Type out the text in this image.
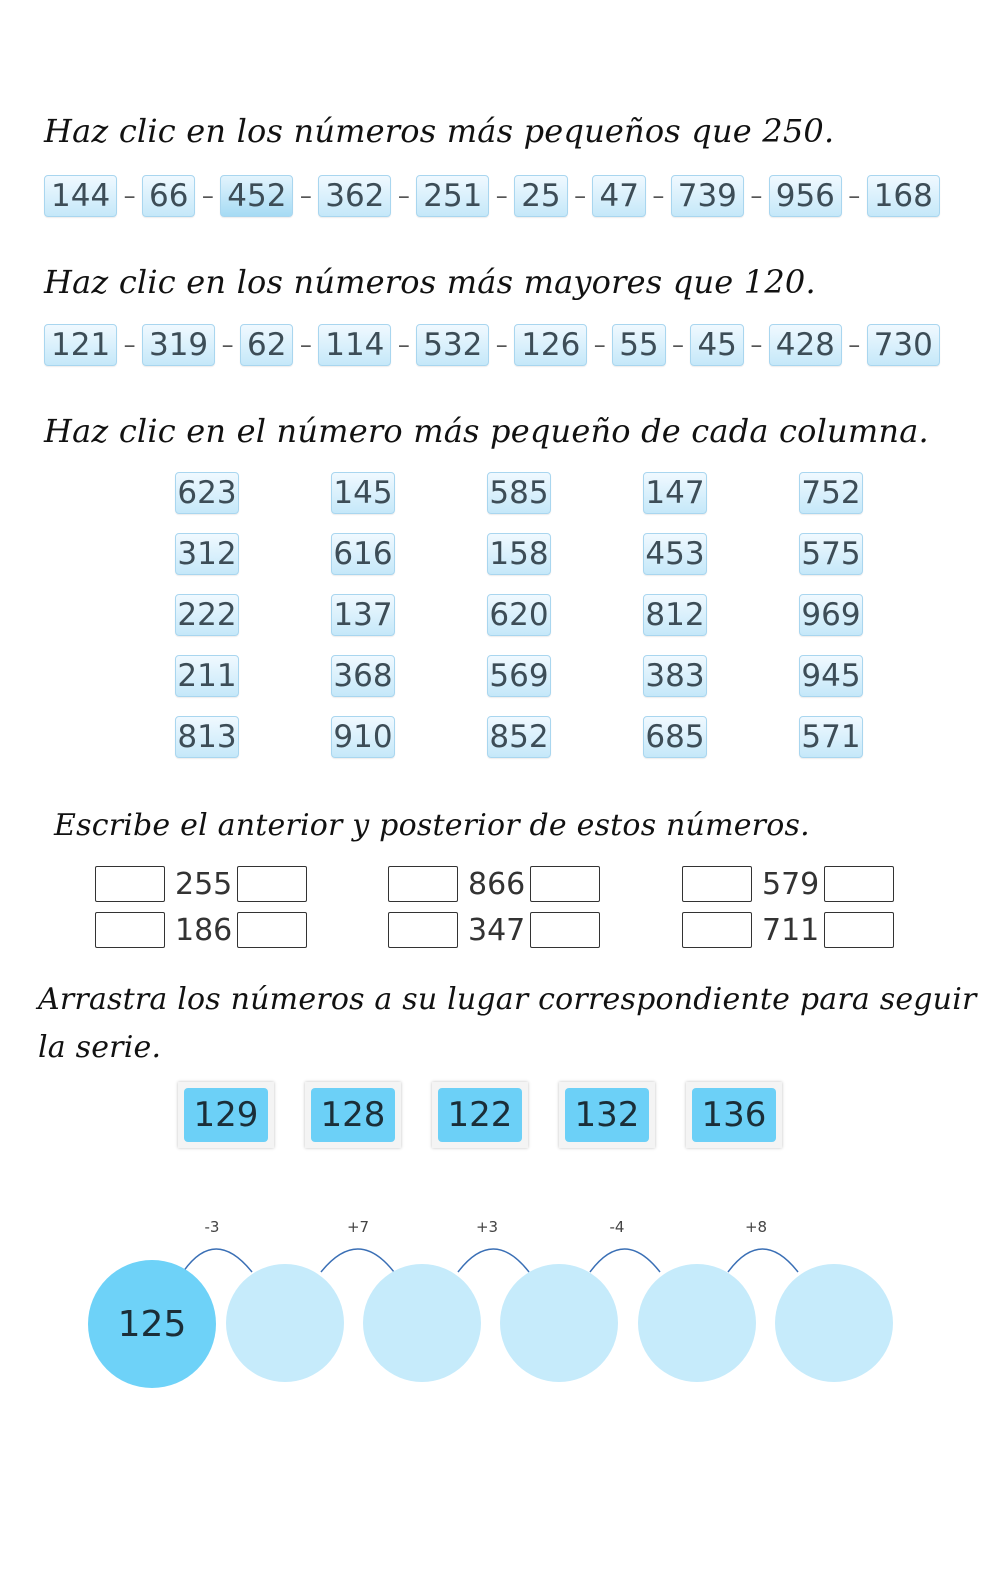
Haz clic en los números más pequeños que 250.
144 – 66 – 452 – 362 – 251 – 25 – 47 – 739 – 956 – 168
Haz clic en los números más mayores que 120.
121 – 319 – 62 – 114 – 532 – 126 – 55 – 45 – 428 – 730
Haz clic en el número más pequeño de cada columna.
623	145	585	147	752
312	616	158	453	575
222	137	620	812	969
211	368	569	383	945
813	910	852	685	571
Escribe el anterior y posterior de estos números.
255
186
866
347
579
711
Arrastra los números a su lugar correspondiente para seguir
la serie.
129 128 122 132 136
-3	+7	+3	-4	+8
125
